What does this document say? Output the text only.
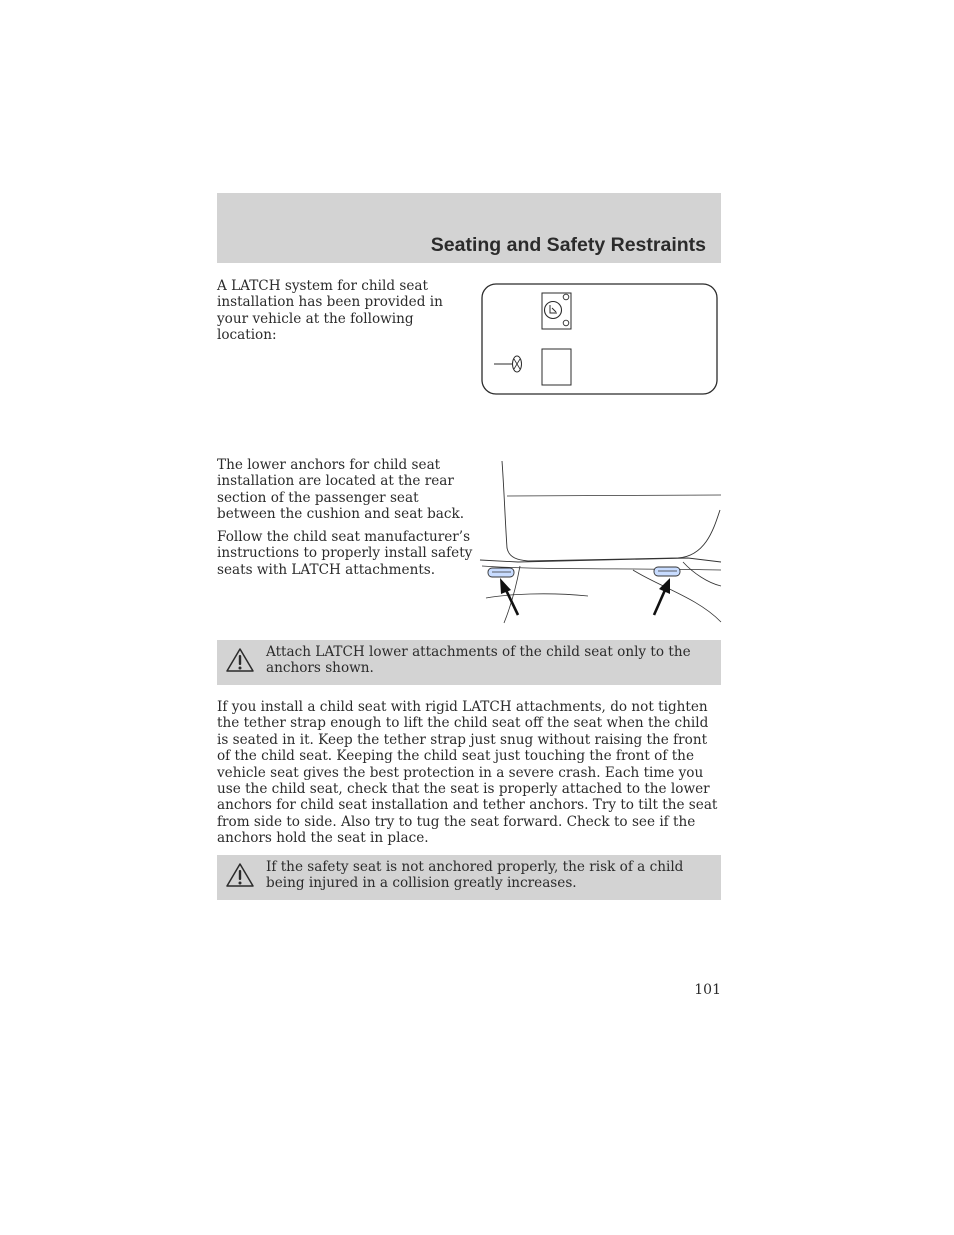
Seating and Safety Restraints

A LATCH system for child seat installation has been provided in your vehicle at the following location:

The lower anchors for child seat installation are located at the rear section of the passenger seat between the cushion and seat back.

Follow the child seat manufacturer’s instructions to properly install safety seats with LATCH attachments.

Attach LATCH lower attachments of the child seat only to the anchors shown.

If you install a child seat with rigid LATCH attachments, do not tighten the tether strap enough to lift the child seat off the seat when the child is seated in it. Keep the tether strap just snug without raising the front of the child seat. Keeping the child seat just touching the front of the vehicle seat gives the best protection in a severe crash. Each time you use the child seat, check that the seat is properly attached to the lower anchors for child seat installation and tether anchors. Try to tilt the seat from side to side. Also try to tug the seat forward. Check to see if the anchors hold the seat in place.

If the safety seat is not anchored properly, the risk of a child being injured in a collision greatly increases.
101
